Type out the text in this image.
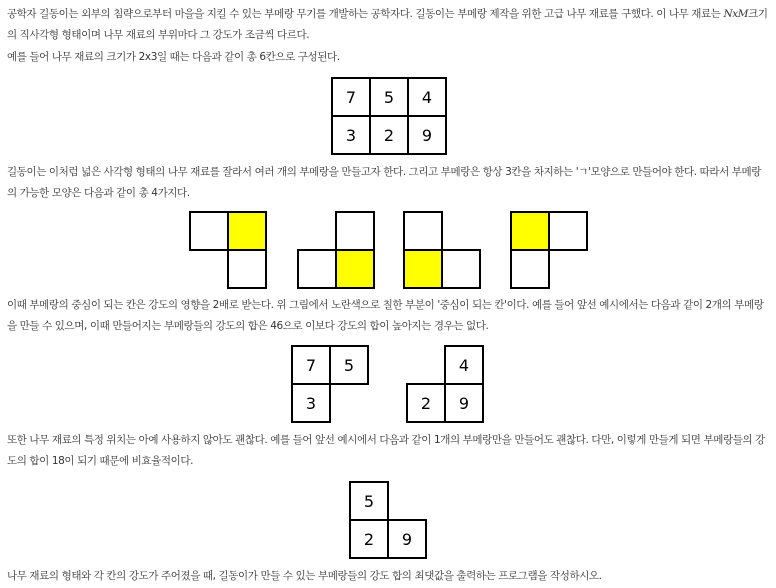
공학자 길동이는 외부의 침략으로부터 마을을 지킬 수 있는 부메랑 무기를 개발하는 공학자다. 길동이는 부메랑 제작을 위한 고급 나무 재료를 구했다. 이 나무 재료는 NxM크기의 직사각형 형태이며 나무 재료의 부위마다 그 강도가 조금씩 다르다.

예를 들어 나무 재료의 크기가 2x3일 때는 다음과 같이 총 6칸으로 구성된다.

7	5	4
3	2	9

길동이는 이처럼 넓은 사각형 형태의 나무 재료를 잘라서 여러 개의 부메랑을 만들고자 한다. 그리고 부메랑은 항상 3칸을 차지하는 'ㄱ'모양으로 만들어야 한다. 따라서 부메랑의 가능한 모양은 다음과 같이 총 4가지다.

이때 부메랑의 중심이 되는 칸은 강도의 영향을 2배로 받는다. 위 그림에서 노란색으로 칠한 부분이 '중심이 되는 칸'이다. 예를 들어 앞선 예시에서는 다음과 같이 2개의 부메랑을 만들 수 있으며, 이때 만들어지는 부메랑들의 강도의 합은 46으로 이보다 강도의 합이 높아지는 경우는 없다.

7	5
3
4
2	9

또한 나무 재료의 특정 위치는 아예 사용하지 않아도 괜찮다. 예를 들어 앞선 예시에서 다음과 같이 1개의 부메랑만을 만들어도 괜찮다. 다만, 이렇게 만들게 되면 부메랑들의 강도의 합이 18이 되기 때문에 비효율적이다.

5
2	9

나무 재료의 형태와 각 칸의 강도가 주어졌을 때, 길동이가 만들 수 있는 부메랑들의 강도 합의 최댓값을 출력하는 프로그램을 작성하시오.
